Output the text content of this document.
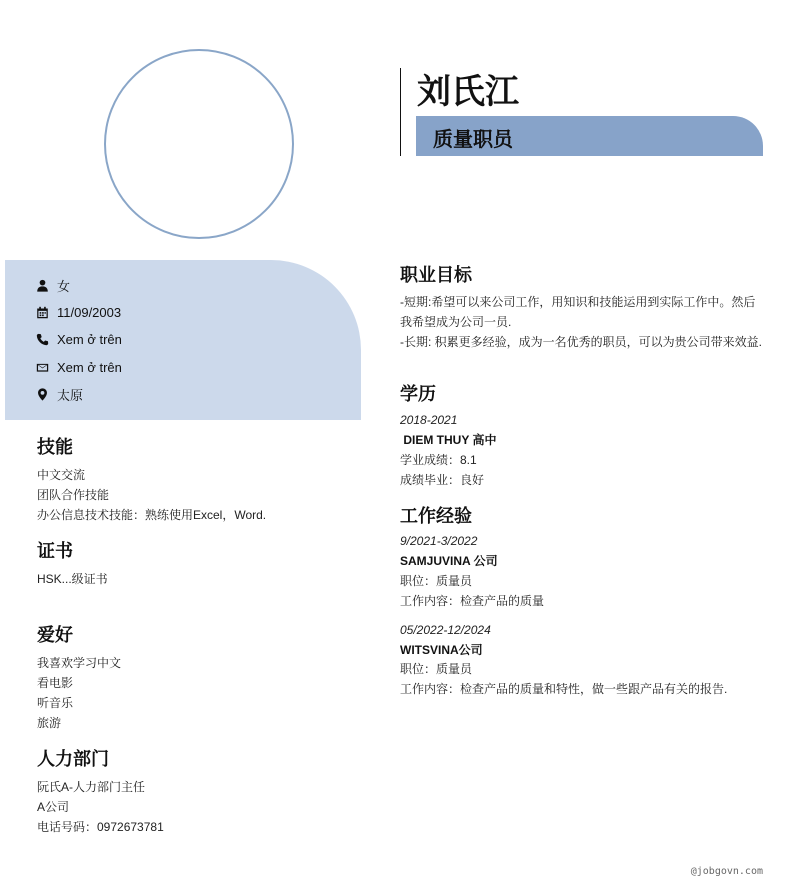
刘氏江
质量职员
女
11/09/2003
Xem ở trên
Xem ở trên
太原
技能
中文交流
团队合作技能
办公信息技术技能：熟练使用Excel，Word.
证书
HSK...级证书
爱好
我喜欢学习中文
看电影
听音乐
旅游
人力部门
阮氏A-人力部门主任
A公司
电话号码：0972673781
职业目标
-短期:希望可以来公司工作，用知识和技能运用到实际工作中。然后我希望成为公司一员.
-长期: 积累更多经验，成为一名优秀的职员，可以为贵公司带来效益.
学历
2018-2021
DIEM THUY 高中
学业成绩：8.1
成绩毕业：良好
工作经验
9/2021-3/2022
SAMJUVINA 公司
职位：质量员
工作内容：检查产品的质量
05/2022-12/2024
WITSVINA公司
职位：质量员
工作内容：检查产品的质量和特性，做一些跟产品有关的报告.
@jobgovn.com
